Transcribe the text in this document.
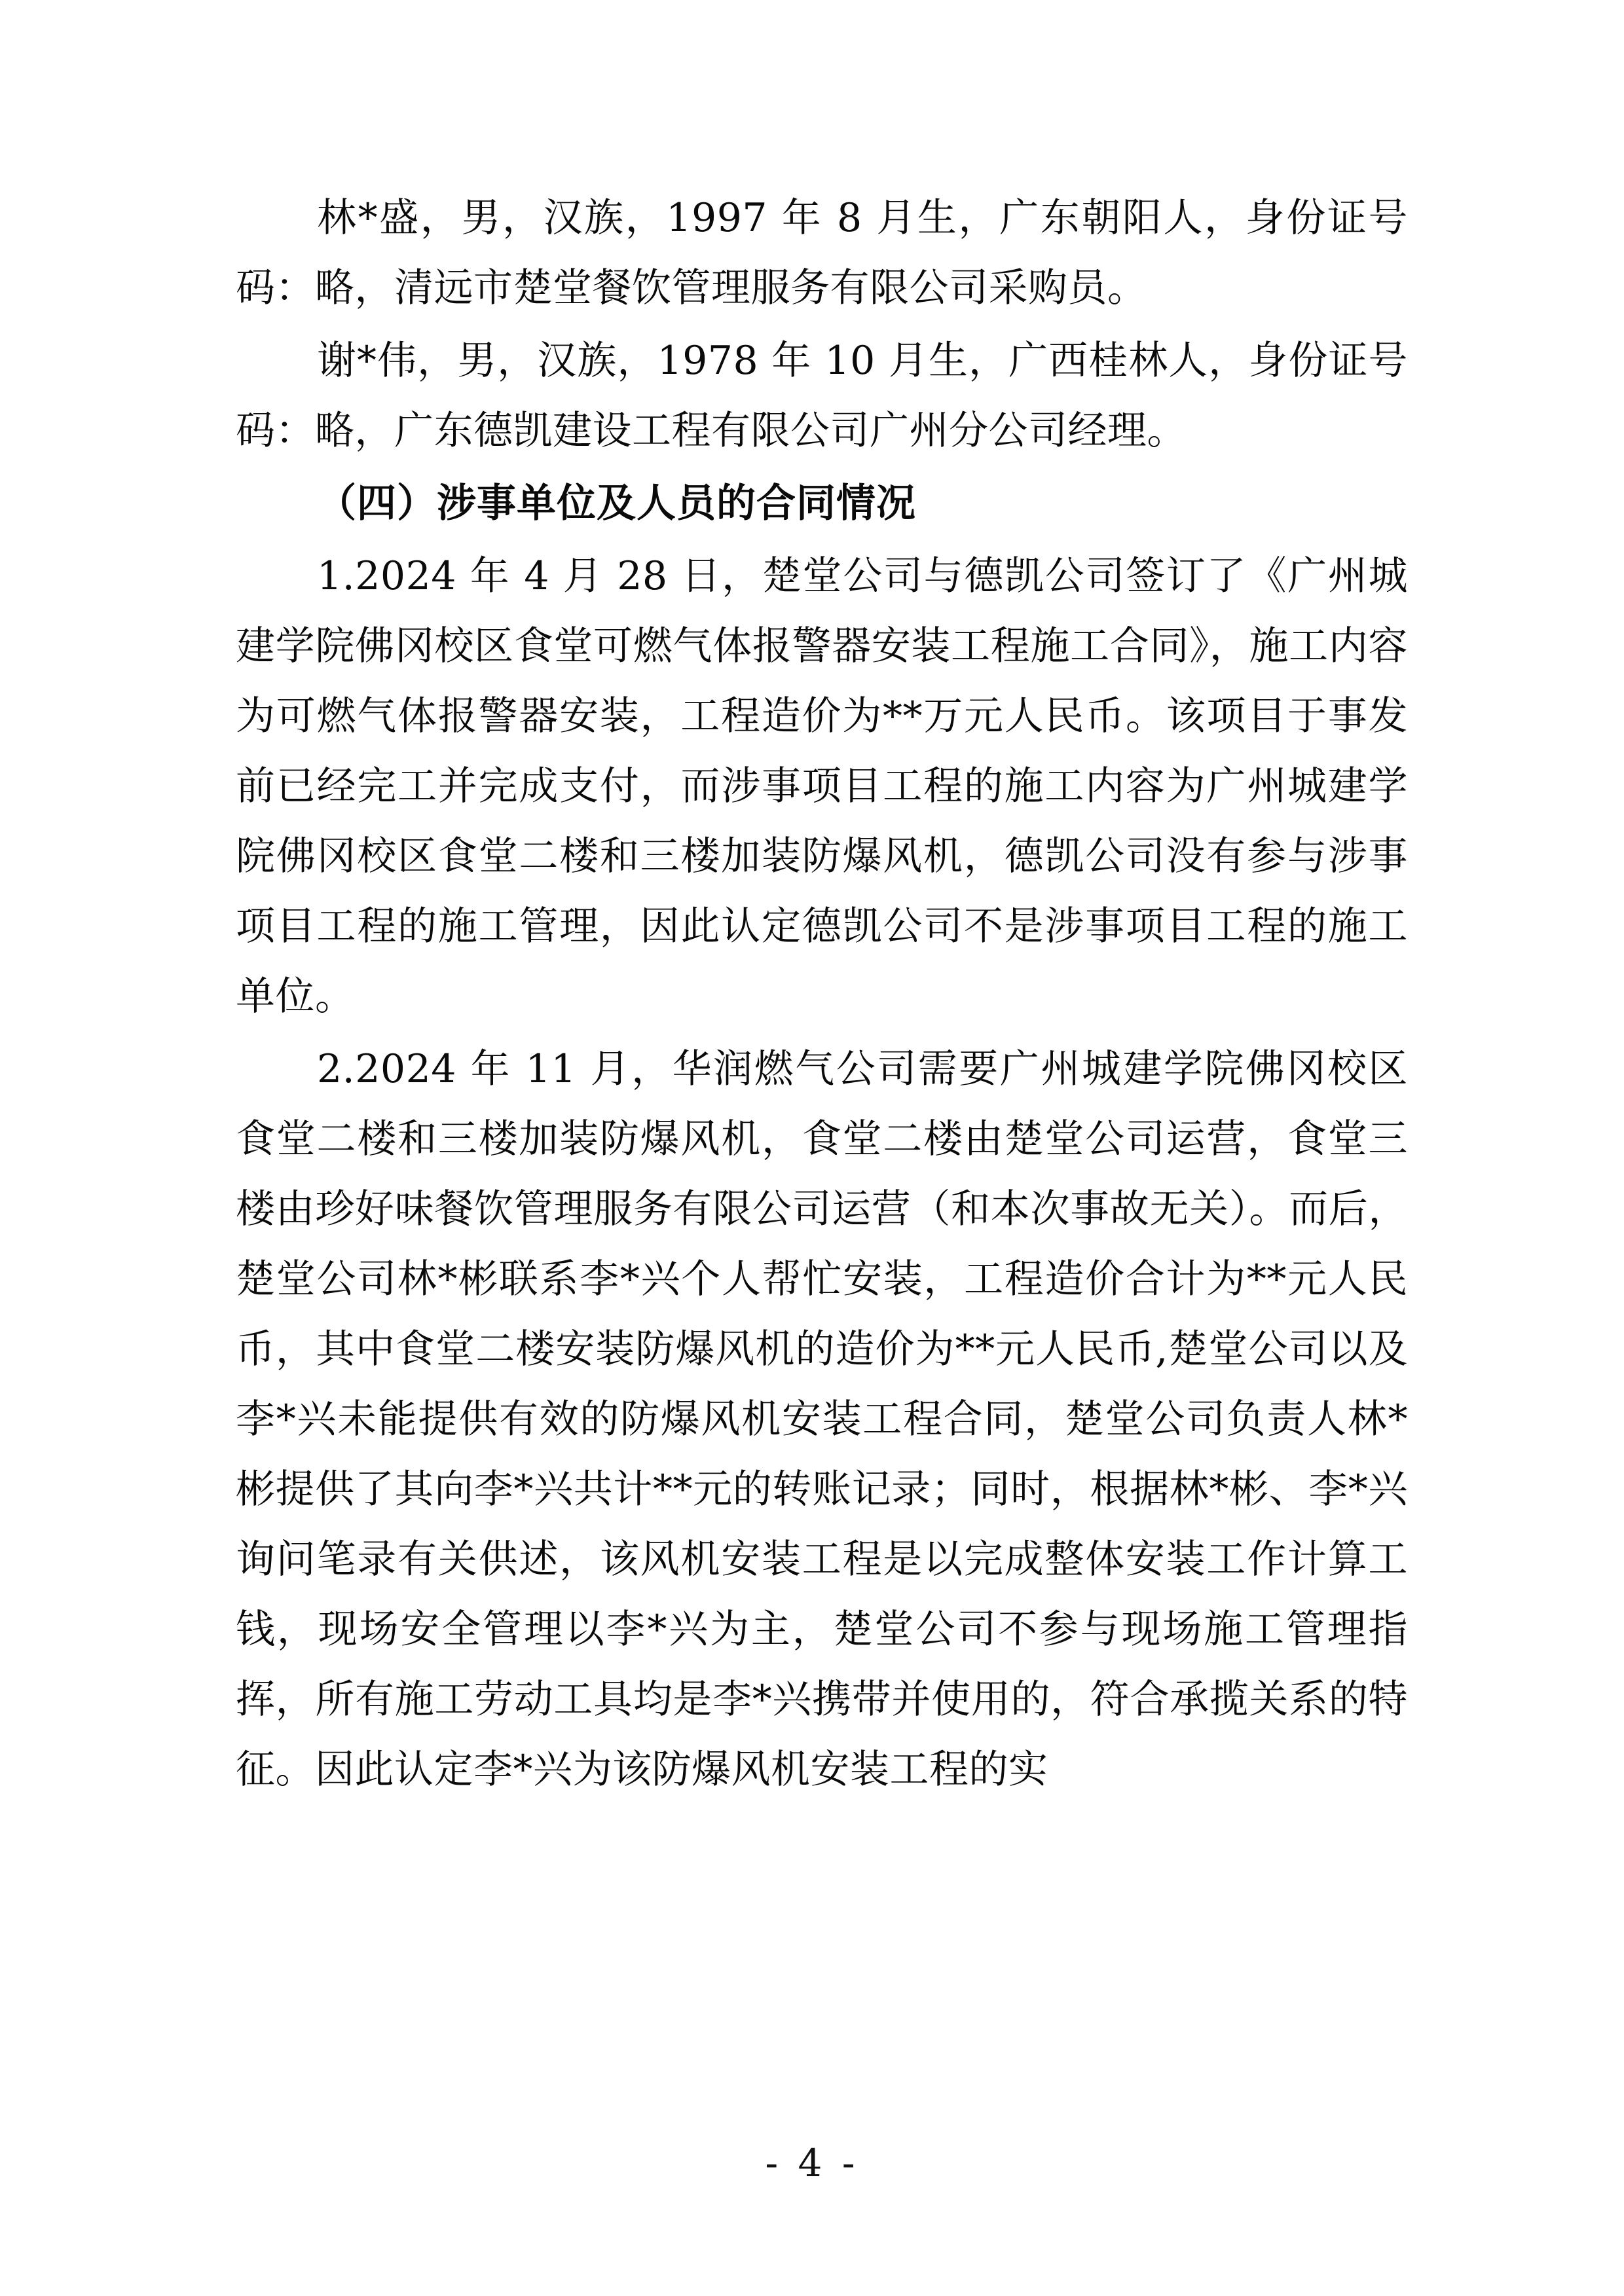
林*盛，男，汉族，1997 年 8 月生，广东朝阳人，身份证号码：略，清远市楚堂餐饮管理服务有限公司采购员。

谢*伟，男，汉族，1978 年 10 月生，广西桂林人，身份证号码：略，广东德凯建设工程有限公司广州分公司经理。

（四）涉事单位及人员的合同情况

1.2024 年 4 月 28 日，楚堂公司与德凯公司签订了《广州城建学院佛冈校区食堂可燃气体报警器安装工程施工合同》，施工内容为可燃气体报警器安装，工程造价为**万元人民币。该项目于事发前已经完工并完成支付，而涉事项目工程的施工内容为广州城建学院佛冈校区食堂二楼和三楼加装防爆风机，德凯公司没有参与涉事项目工程的施工管理，因此认定德凯公司不是涉事项目工程的施工单位。

2.2024 年 11 月，华润燃气公司需要广州城建学院佛冈校区食堂二楼和三楼加装防爆风机，食堂二楼由楚堂公司运营，食堂三楼由珍好味餐饮管理服务有限公司运营（和本次事故无关）。而后，楚堂公司林*彬联系李*兴个人帮忙安装，工程造价合计为**元人民币，其中食堂二楼安装防爆风机的造价为**元人民币,楚堂公司以及李*兴未能提供有效的防爆风机安装工程合同，楚堂公司负责人林*彬提供了其向李*兴共计**元的转账记录；同时，根据林*彬、李*兴询问笔录有关供述，该风机安装工程是以完成整体安装工作计算工钱，现场安全管理以李*兴为主，楚堂公司不参与现场施工管理指挥，所有施工劳动工具均是李*兴携带并使用的，符合承揽关系的特征。因此认定李*兴为该防爆风机安装工程的实

- 4 -
